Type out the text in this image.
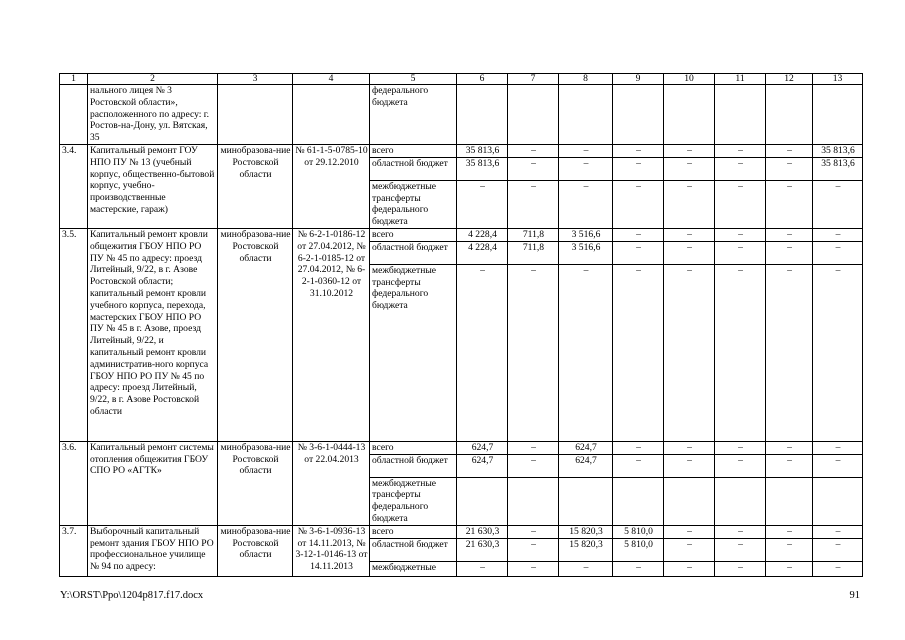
1	2	3	4	5	6	7	8	9	10	11	12	13
	нального лицея № 3 Ростовской области», расположенного по адресу: г. Ростов-на-Дону, ул. Вятская, 35			федерального бюджета								
3.4.	Капитальный ремонт ГОУ НПО ПУ № 13 (учебный корпус, общественно-бытовой корпус, учебно-производственные мастерские, гараж)	минобразова-ние Ростовской области	№ 61-1-5-0785-10 от 29.12.2010	всего	35 813,6	–	–	–	–	–	–	35 813,6
				областной бюджет	35 813,6	–	–	–	–	–	–	35 813,6
				межбюджетные трансферты федерального бюджета	–	–	–	–	–	–	–	–
3.5.	Капитальный ремонт кровли общежития ГБОУ НПО РО ПУ № 45 по адресу: проезд Литейный, 9/22, в г. Азове Ростовской области; капитальный ремонт кровли учебного корпуса, перехода, мастерских ГБОУ НПО РО ПУ № 45 в г. Азове, проезд Литейный, 9/22, и капитальный ремонт кровли административ-ного корпуса ГБОУ НПО РО ПУ № 45 по адресу: проезд Литейный, 9/22, в г. Азове Ростовской области	минобразова-ние Ростовской области	№ 6-2-1-0186-12 от 27.04.2012, № 6-2-1-0185-12 от 27.04.2012, № 6-2-1-0360-12 от 31.10.2012	всего	4 228,4	711,8	3 516,6	–	–	–	–	–
				областной бюджет	4 228,4	711,8	3 516,6	–	–	–	–	–
				межбюджетные трансферты федерального бюджета	–	–	–	–	–	–	–	–
3.6.	Капитальный ремонт системы отопления общежития ГБОУ СПО РО «АГТК»	минобразова-ние Ростовской области	№ 3-6-1-0444-13 от 22.04.2013	всего	624,7	–	624,7	–	–	–	–	–
				областной бюджет	624,7	–	624,7	–	–	–	–	–
				межбюджетные трансферты федерального бюджета								
3.7.	Выборочный капитальный ремонт здания ГБОУ НПО РО профессиональное училище № 94 по адресу:	минобразова-ние Ростовской области	№ 3-6-1-0936-13 от 14.11.2013, № 3-12-1-0146-13 от 14.11.2013	всего	21 630,3	–	15 820,3	5 810,0	–	–	–	–
				областной бюджет	21 630,3	–	15 820,3	5 810,0	–	–	–	–
				межбюджетные	–	–	–	–	–	–	–	–
Y:\ORST\Ppo\1204p817.f17.docx	91
